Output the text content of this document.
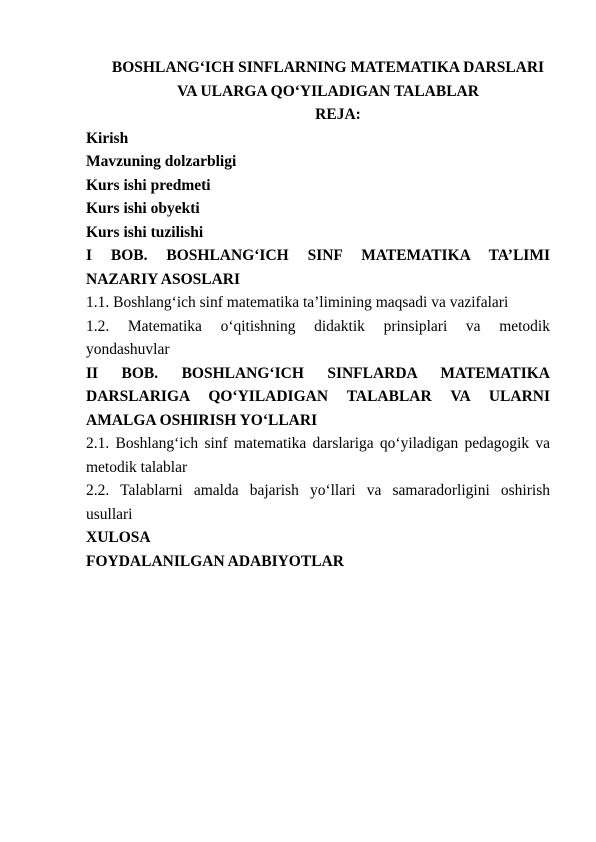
BOSHLANG‘ICH SINFLARNING MATEMATIKA DARSLARI
VA ULARGA QO‘YILADIGAN TALABLAR
REJA:
Kirish
Mavzuning dolzarbligi
Kurs ishi predmeti
Kurs ishi obyekti
Kurs ishi tuzilishi
I BOB. BOSHLANG‘ICH SINF MATEMATIKA TA’LIMI
NAZARIY ASOSLARI
1.1. Boshlang‘ich sinf matematika ta’limining maqsadi va vazifalari
1.2. Matematika o‘qitishning didaktik prinsiplari va metodik
yondashuvlar
II BOB. BOSHLANG‘ICH SINFLARDA MATEMATIKA
DARSLARIGA QO‘YILADIGAN TALABLAR VA ULARNI
AMALGA OSHIRISH YO‘LLARI
2.1. Boshlang‘ich sinf matematika darslariga qo‘yiladigan pedagogik va
metodik talablar
2.2. Talablarni amalda bajarish yo‘llari va samaradorligini oshirish
usullari
XULOSA
FOYDALANILGAN ADABIYOTLAR
